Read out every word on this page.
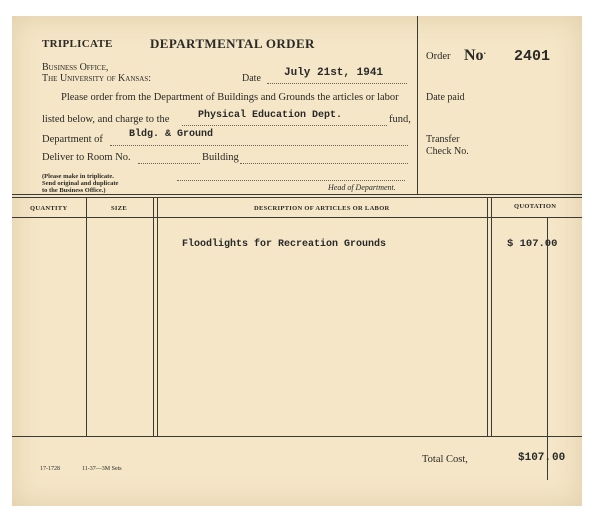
TRIPLICATE	DEPARTMENTAL ORDER
Business Office,
The University of Kansas:	Date July 21st, 1941
Please order from the Department of Buildings and Grounds the articles or labor
listed below, and charge to the	Physical Education Dept.	fund,
Department of	Bldg. & Ground
Deliver to Room No.	Building
(Please make in triplicate.
Send original and duplicate
to the Business Office.)	Head of Department.
Order No. 2401
Date paid
Transfer
Check No.
QUANTITY	SIZE	DESCRIPTION OF ARTICLES OR LABOR	QUOTATION
Floodlights for Recreation Grounds	$ 107.00
17-1728	11-37—3M Sets
Total Cost,	$107. 00
